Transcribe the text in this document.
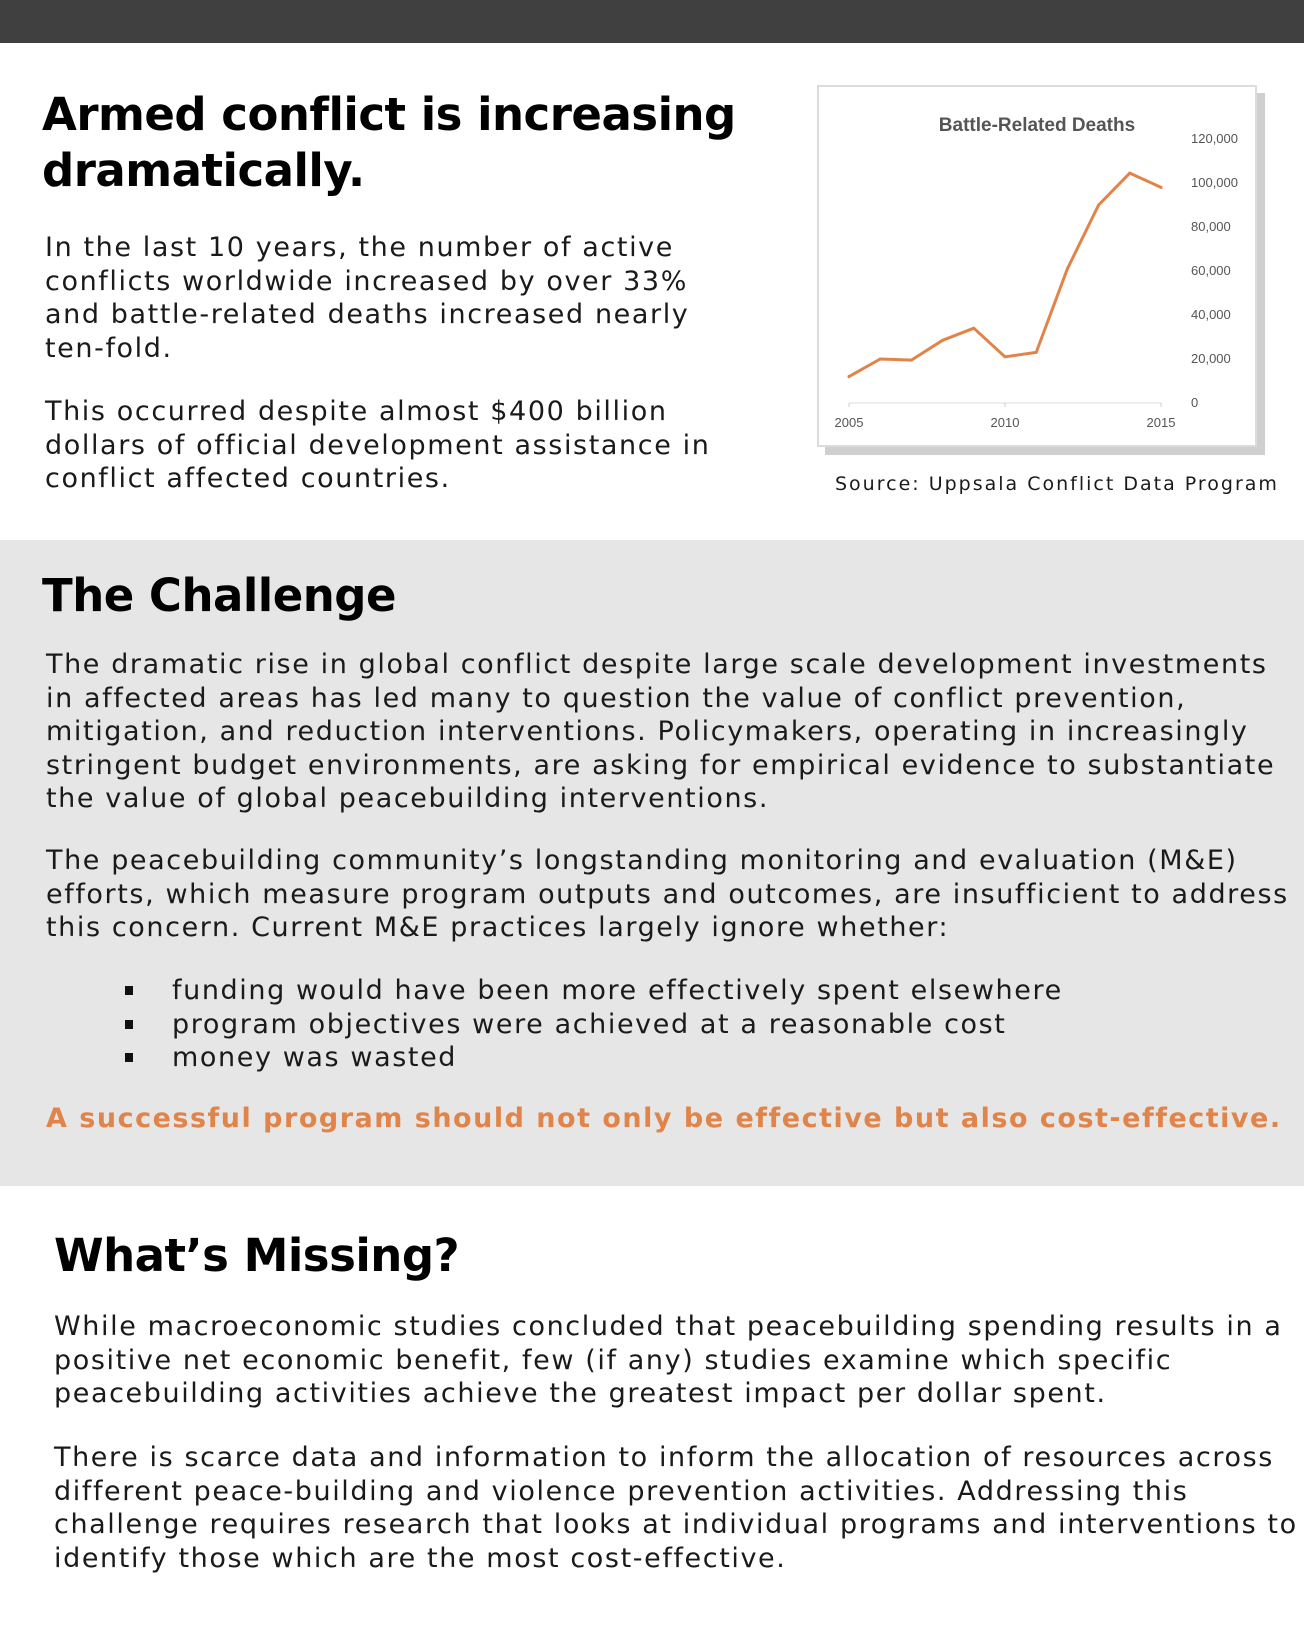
Armed conflict is increasing dramatically.

In the last 10 years, the number of active conflicts worldwide increased by over 33% and battle-related deaths increased nearly ten-fold.

This occurred despite almost $400 billion dollars of official development assistance in conflict affected countries.

Battle-Related Deaths
2005	2010	2015
0
20,000
40,000
60,000
80,000
100,000
120,000

Source: Uppsala Conflict Data Program

The Challenge

The dramatic rise in global conflict despite large scale development investments in affected areas has led many to question the value of conflict prevention, mitigation, and reduction interventions. Policymakers, operating in increasingly stringent budget environments, are asking for empirical evidence to substantiate the value of global peacebuilding interventions.

The peacebuilding community’s longstanding monitoring and evaluation (M&E) efforts, which measure program outputs and outcomes, are insufficient to address this concern. Current M&E practices largely ignore whether:

funding would have been more effectively spent elsewhere
program objectives were achieved at a reasonable cost
money was wasted

A successful program should not only be effective but also cost-effective.

What’s Missing?

While macroeconomic studies concluded that peacebuilding spending results in a positive net economic benefit, few (if any) studies examine which specific peacebuilding activities achieve the greatest impact per dollar spent.

There is scarce data and information to inform the allocation of resources across different peace-building and violence prevention activities. Addressing this challenge requires research that looks at individual programs and interventions to identify those which are the most cost-effective.
